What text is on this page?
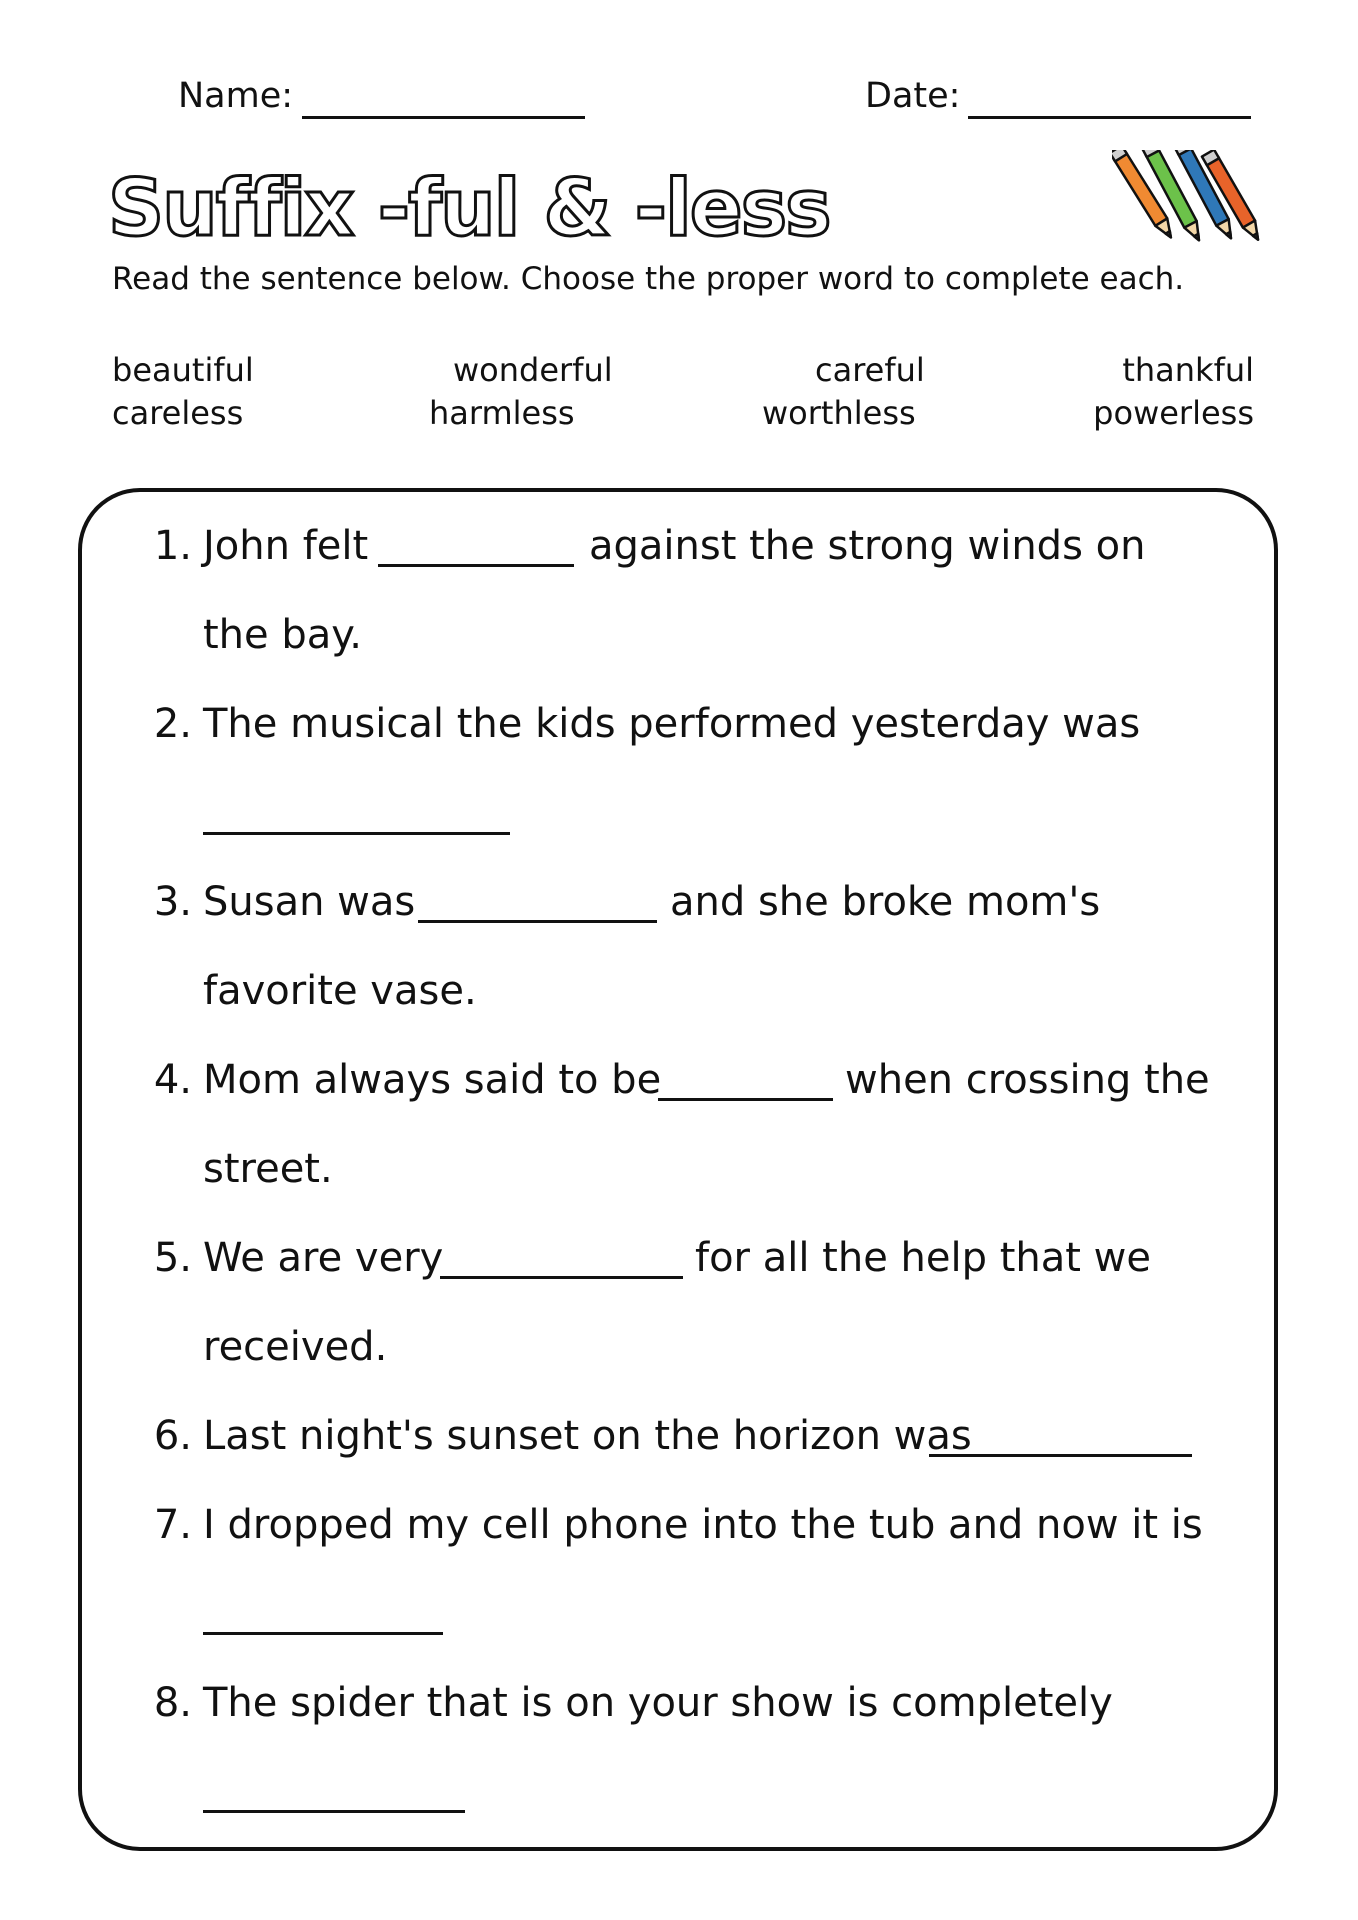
Name:	Date:
Suffix -ful & -less
Read the sentence below. Choose the proper word to complete each.
beautiful	wonderful	careful	thankful
careless	harmless	worthless	powerless
1. John felt	against the strong winds on
the bay.
2. The musical the kids performed yesterday was
3. Susan was	and she broke mom's
favorite vase.
4. Mom always said to be	when crossing the
street.
5. We are very	for all the help that we
received.
6. Last night's sunset on the horizon was
7. I dropped my cell phone into the tub and now it is
8. The spider that is on your show is completely
